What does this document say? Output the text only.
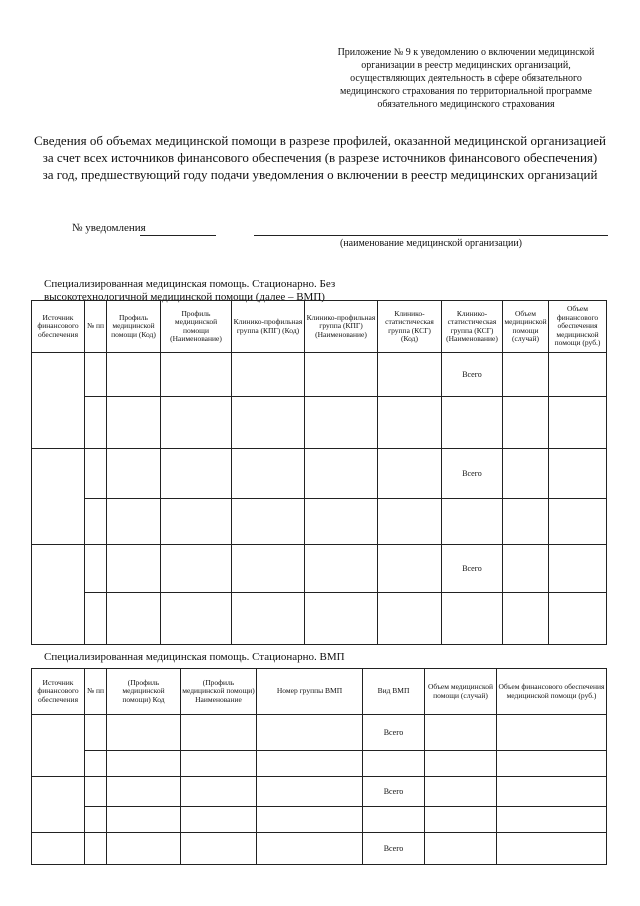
Приложение № 9 к уведомлению о включении медицинской
организации в реестр медицинских организаций,
осуществляющих деятельность в сфере обязательного
медицинского страхования по территориальной программе
обязательного медицинского страхования
Сведения об объемах медицинской помощи в разрезе профилей, оказанной медицинской организацией
за счет всех источников финансового обеспечения (в разрезе источников финансового обеспечения)
за год, предшествующий году подачи уведомления о включении в реестр медицинских организаций
№ уведомления
(наименование медицинской организации)
Специализированная медицинская помощь. Стационарно. Без
высокотехнологичной медицинской помощи (далее – ВМП)
Источник финансового обеспечения	№ пп	Профиль медицинской помощи (Код)	Профиль медицинской помощи (Наименование)	Клинико-профильная группа (КПГ) (Код)	Клинико-профильная группа (КПГ) (Наименование)	Клинико-статистическая группа (КСГ) (Код)	Клинико-статистическая группа (КСГ) (Наименование)	Объем медицинской помощи (случай)	Объем финансового обеспечения медицинской помощи (руб.)
							Всего		

							Всего		

							Всего		

Специализированная медицинская помощь. Стационарно. ВМП
Источник финансового обеспечения	№ пп	(Профиль медицинской помощи) Код	(Профиль медицинской помощи) Наименование	Номер группы ВМП	Вид ВМП	Объем медицинской помощи (случай)	Объем финансового обеспечения медицинской помощи (руб.)
					Всего		

					Всего		

					Всего		
